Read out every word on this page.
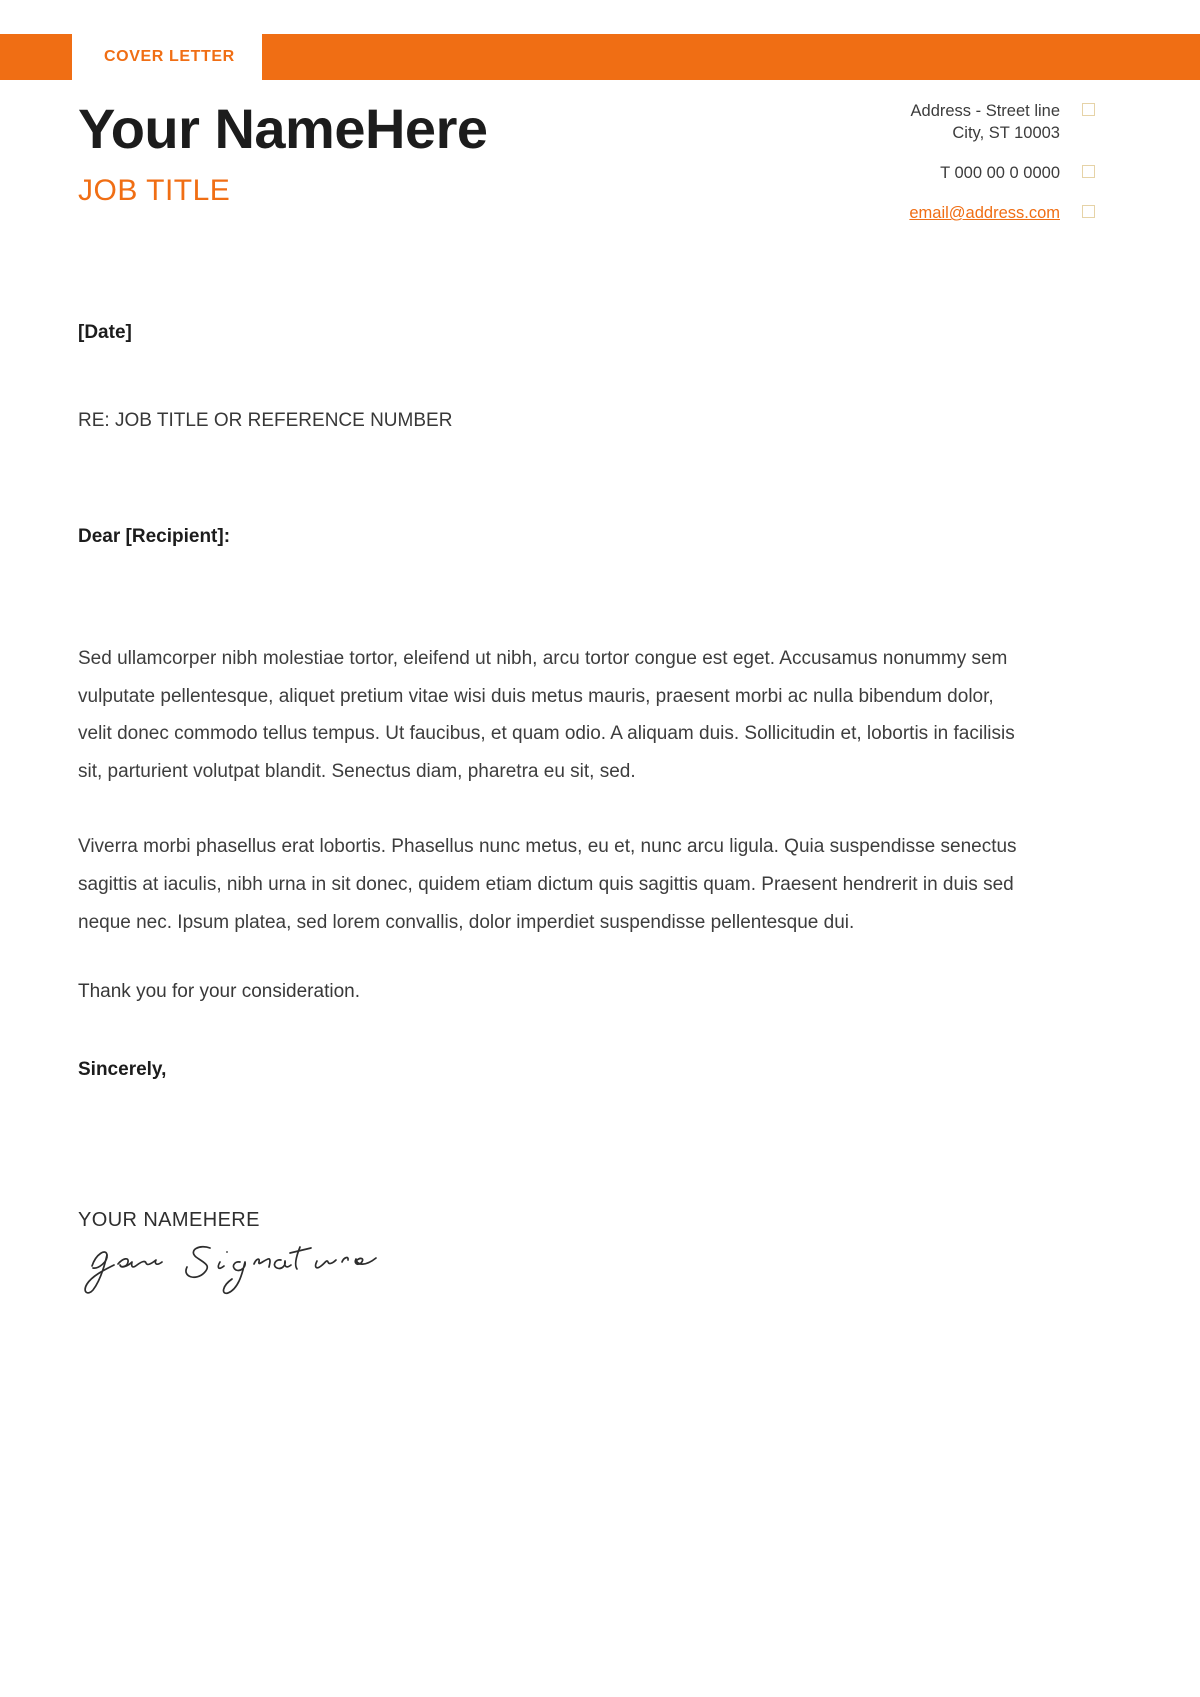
COVER LETTER
Your NameHere
JOB TITLE
Address - Street line
City, ST 10003
T 000 00 0 0000
email@address.com
[Date]
RE: JOB TITLE OR REFERENCE NUMBER
Dear [Recipient]:

Sed ullamcorper nibh molestiae tortor, eleifend ut nibh, arcu tortor congue est eget. Accusamus nonummy sem vulputate pellentesque, aliquet pretium vitae wisi duis metus mauris, praesent morbi ac nulla bibendum dolor, velit donec commodo tellus tempus. Ut faucibus, et quam odio. A aliquam duis. Sollicitudin et, lobortis in facilisis sit, parturient volutpat blandit. Senectus diam, pharetra eu sit, sed.

Viverra morbi phasellus erat lobortis. Phasellus nunc metus, eu et, nunc arcu ligula. Quia suspendisse senectus sagittis at iaculis, nibh urna in sit donec, quidem etiam dictum quis sagittis quam. Praesent hendrerit in duis sed neque nec. Ipsum platea, sed lorem convallis, dolor imperdiet suspendisse pellentesque dui.

Thank you for your consideration.
Sincerely,
YOUR NAMEHERE
